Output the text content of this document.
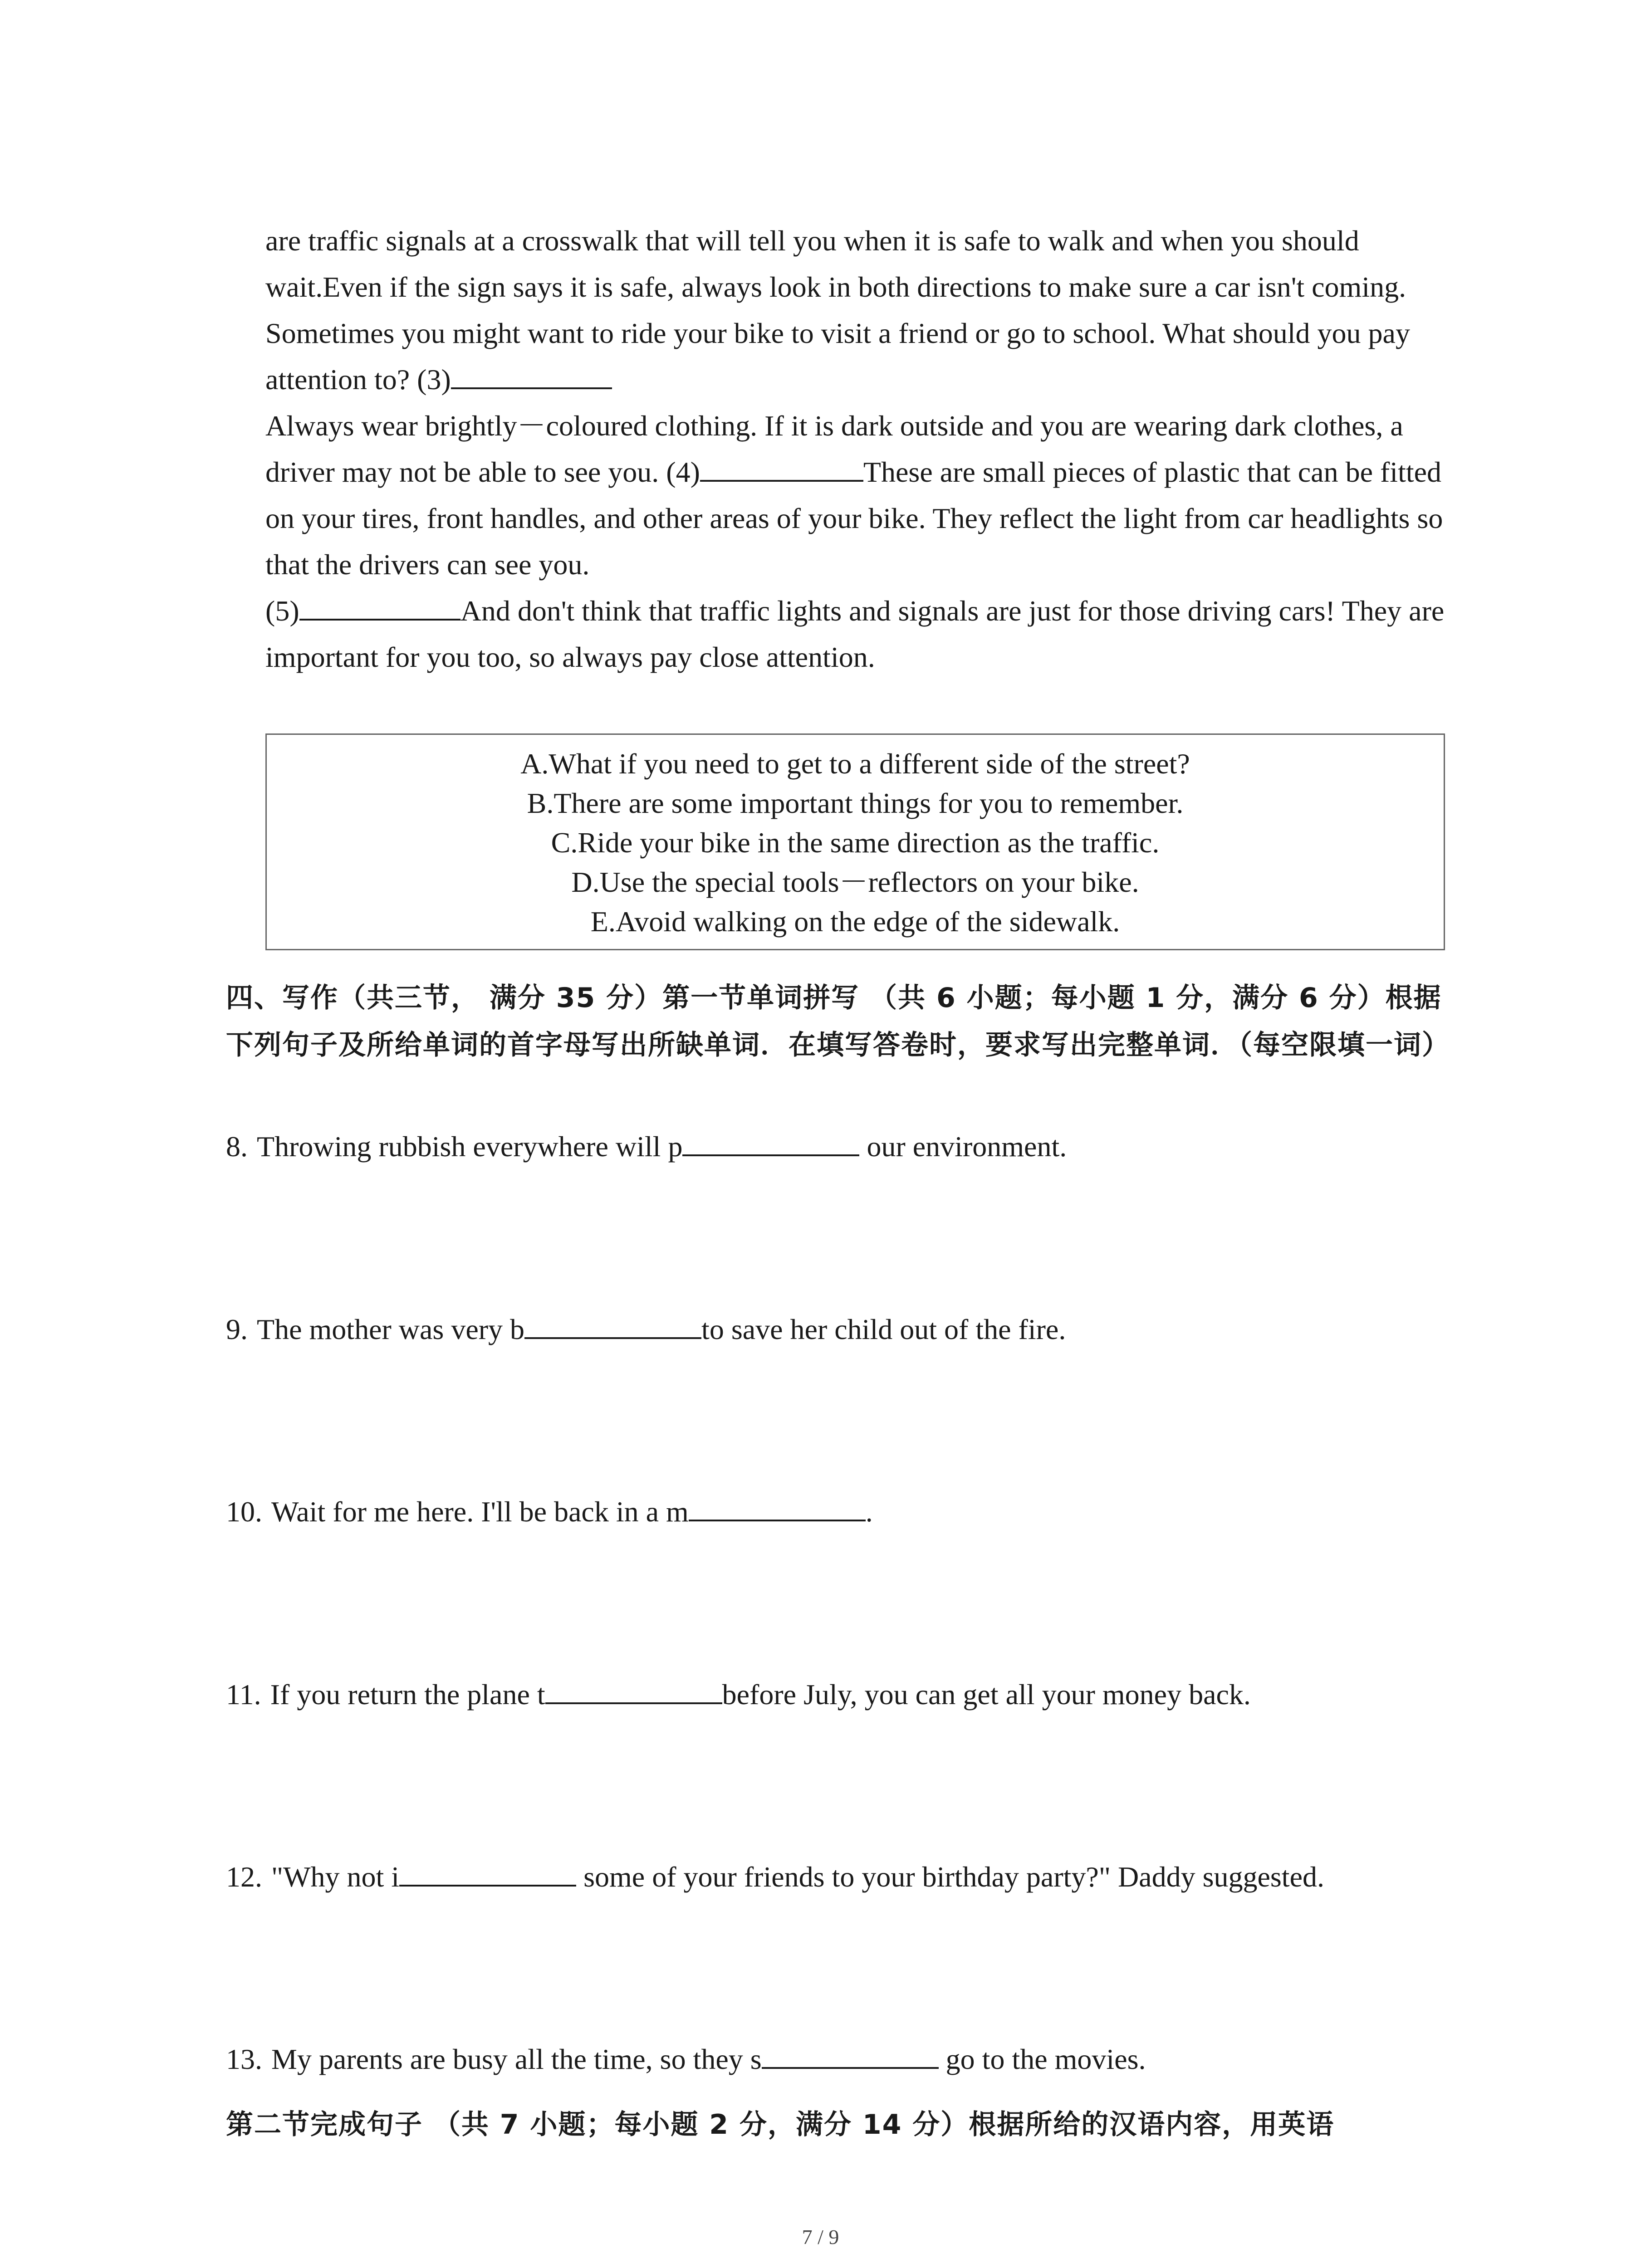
are traffic signals at a crosswalk that will tell you when it is safe to walk and when you should wait.Even if the sign says it is safe, always look in both directions to make sure a car isn't coming.

Sometimes you might want to ride your bike to visit a friend or go to school. What should you pay attention to? (3)

Always wear brightly－coloured clothing. If it is dark outside and you are wearing dark clothes, a driver may not be able to see you. (4)	These are small pieces of plastic that can be fitted on your tires, front handles, and other areas of your bike. They reflect the light from car headlights so that the drivers can see you.

(5)	And don't think that traffic lights and signals are just for those driving cars! They are important for you too, so always pay close attention.

A.What if you need to get to a different side of the street?
B.There are some important things for you to remember.
C.Ride your bike in the same direction as the traffic.
D.Use the special tools－reflectors on your bike.
E.Avoid walking on the edge of the sidewalk.
四、写作（共三节， 满分 35 分）第一节单词拼写 （共 6 小题；每小题 1 分，满分 6 分）根据下列句子及所给单词的首字母写出所缺单词．在填写答卷时，要求写出完整单词．（每空限填一词）
8. Throwing rubbish everywhere will p	our environment.
9. The mother was very b	to save her child out of the fire.
10. Wait for me here. I'll be back in a m	.
11. If you return the plane t	before July, you can get all your money back.
12. "Why not i	some of your friends to your birthday party?" Daddy suggested.
13. My parents are busy all the time, so they s	go to the movies.
第二节完成句子 （共 7 小题；每小题 2 分，满分 14 分）根据所给的汉语内容，用英语
7 / 9
